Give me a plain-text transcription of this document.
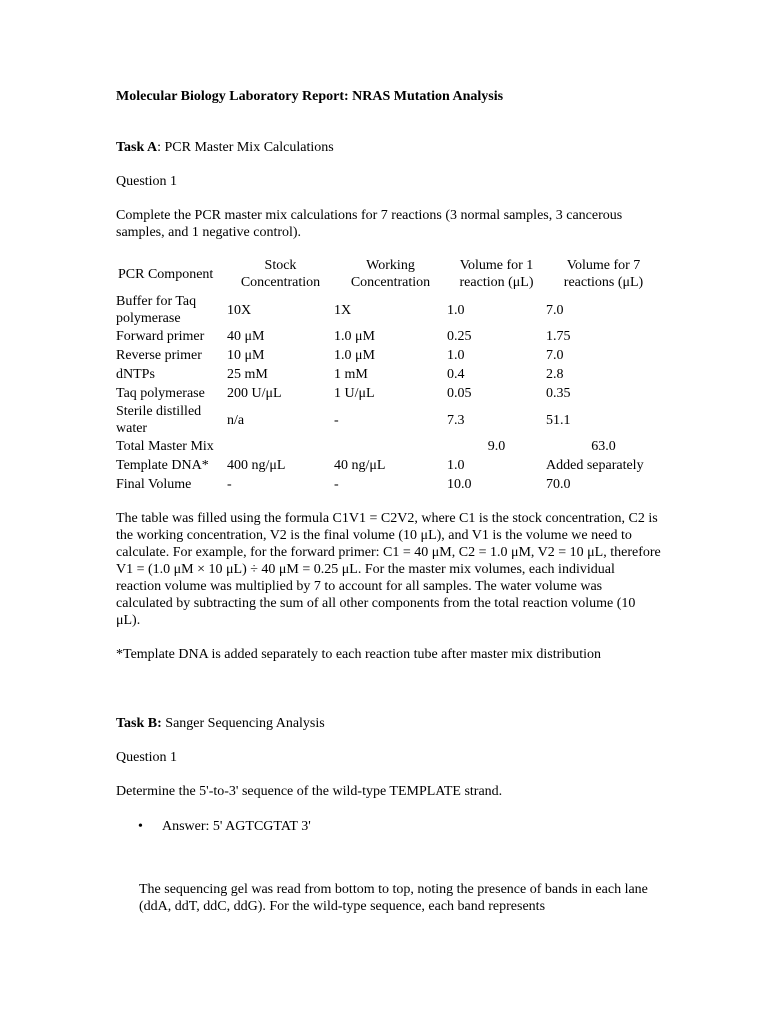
Molecular Biology Laboratory Report: NRAS Mutation Analysis

Task A: PCR Master Mix Calculations

Question 1

Complete the PCR master mix calculations for 7 reactions (3 normal samples, 3 cancerous samples, and 1 negative control).

PCR Component	Stock Concentration	Working Concentration	Volume for 1 reaction (μL)	Volume for 7 reactions (μL)
Buffer for Taq polymerase	10X	1X	1.0	7.0
Forward primer	40 μM	1.0 μM	0.25	1.75
Reverse primer	10 μM	1.0 μM	1.0	7.0
dNTPs	25 mM	1 mM	0.4	2.8
Taq polymerase	200 U/μL	1 U/μL	0.05	0.35
Sterile distilled water	n/a	-	7.3	51.1
Total Master Mix			9.0	63.0
Template DNA*	400 ng/μL	40 ng/μL	1.0	Added separately
Final Volume	-	-	10.0	70.0

The table was filled using the formula C1V1 = C2V2, where C1 is the stock concentration, C2 is the working concentration, V2 is the final volume (10 μL), and V1 is the volume we need to calculate. For example, for the forward primer: C1 = 40 μM, C2 = 1.0 μM, V2 = 10 μL, therefore V1 = (1.0 μM × 10 μL) ÷ 40 μM = 0.25 μL. For the master mix volumes, each individual reaction volume was multiplied by 7 to account for all samples. The water volume was calculated by subtracting the sum of all other components from the total reaction volume (10 μL).

*Template DNA is added separately to each reaction tube after master mix distribution

Task B: Sanger Sequencing Analysis

Question 1

Determine the 5'-to-3' sequence of the wild-type TEMPLATE strand.

• Answer: 5' AGTCGTAT 3'

The sequencing gel was read from bottom to top, noting the presence of bands in each lane (ddA, ddT, ddC, ddG). For the wild-type sequence, each band represents
